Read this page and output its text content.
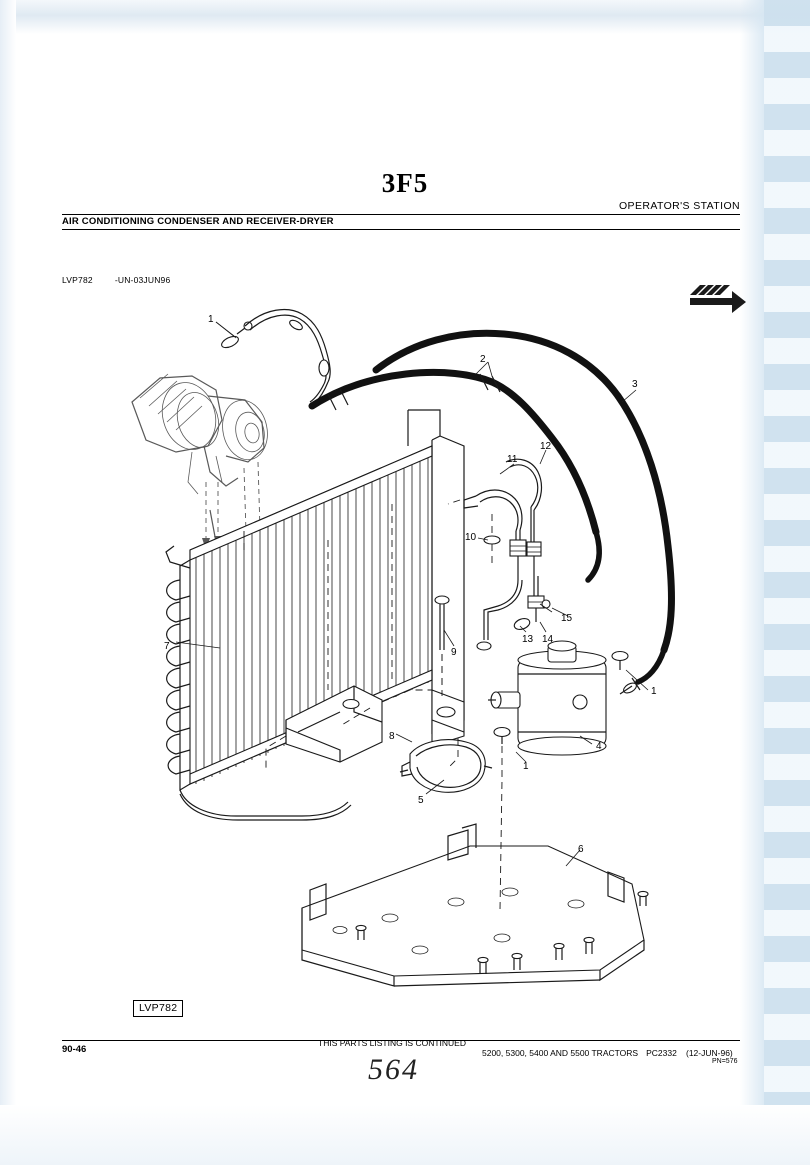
3F5
OPERATOR'S STATION
AIR CONDITIONING CONDENSER AND RECEIVER-DRYER
LVP782	-UN-03JUN96
1
2
3
11
12
10
15
13 14
7
9
1
4
8
1
5
6
LVP782
90-46
THIS PARTS LISTING IS CONTINUED
5200, 5300, 5400 AND 5500 TRACTORS PC2332 (12-JUN-96)
PN=576
564
